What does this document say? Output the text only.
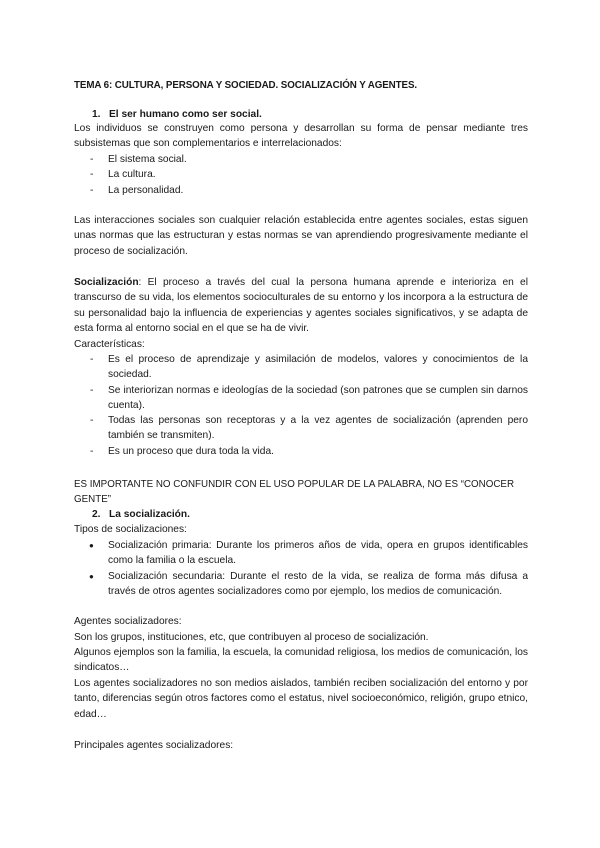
TEMA 6: CULTURA, PERSONA Y SOCIEDAD. SOCIALIZACIÓN Y AGENTES.

1. El ser humano como ser social.

Los individuos se construyen como persona y desarrollan su forma de pensar mediante tres subsistemas que son complementarios e interrelacionados:

- El sistema social.
- La cultura.
- La personalidad.

Las interacciones sociales son cualquier relación establecida entre agentes sociales, estas siguen unas normas que las estructuran y estas normas se van aprendiendo progresivamente mediante el proceso de socialización.

Socialización: El proceso a través del cual la persona humana aprende e interioriza en el transcurso de su vida, los elementos socioculturales de su entorno y los incorpora a la estructura de su personalidad bajo la influencia de experiencias y agentes sociales significativos, y se adapta de esta forma al entorno social en el que se ha de vivir.

Características:

- Es el proceso de aprendizaje y asimilación de modelos, valores y conocimientos de la sociedad.
- Se interiorizan normas e ideologías de la sociedad (son patrones que se cumplen sin darnos cuenta).
- Todas las personas son receptoras y a la vez agentes de socialización (aprenden pero también se transmiten).
- Es un proceso que dura toda la vida.

ES IMPORTANTE NO CONFUNDIR CON EL USO POPULAR DE LA PALABRA, NO ES “CONOCER GENTE”

2. La socialización.

Tipos de socializaciones:

● Socialización primaria: Durante los primeros años de vida, opera en grupos identificables como la familia o la escuela.
● Socialización secundaria: Durante el resto de la vida, se realiza de forma más difusa a través de otros agentes socializadores como por ejemplo, los medios de comunicación.

Agentes socializadores:

Son los grupos, instituciones, etc, que contribuyen al proceso de socialización.

Algunos ejemplos son la familia, la escuela, la comunidad religiosa, los medios de comunicación, los sindicatos…

Los agentes socializadores no son medios aislados, también reciben socialización del entorno y por tanto, diferencias según otros factores como el estatus, nivel socioeconómico, religión, grupo etnico, edad…

Principales agentes socializadores:
